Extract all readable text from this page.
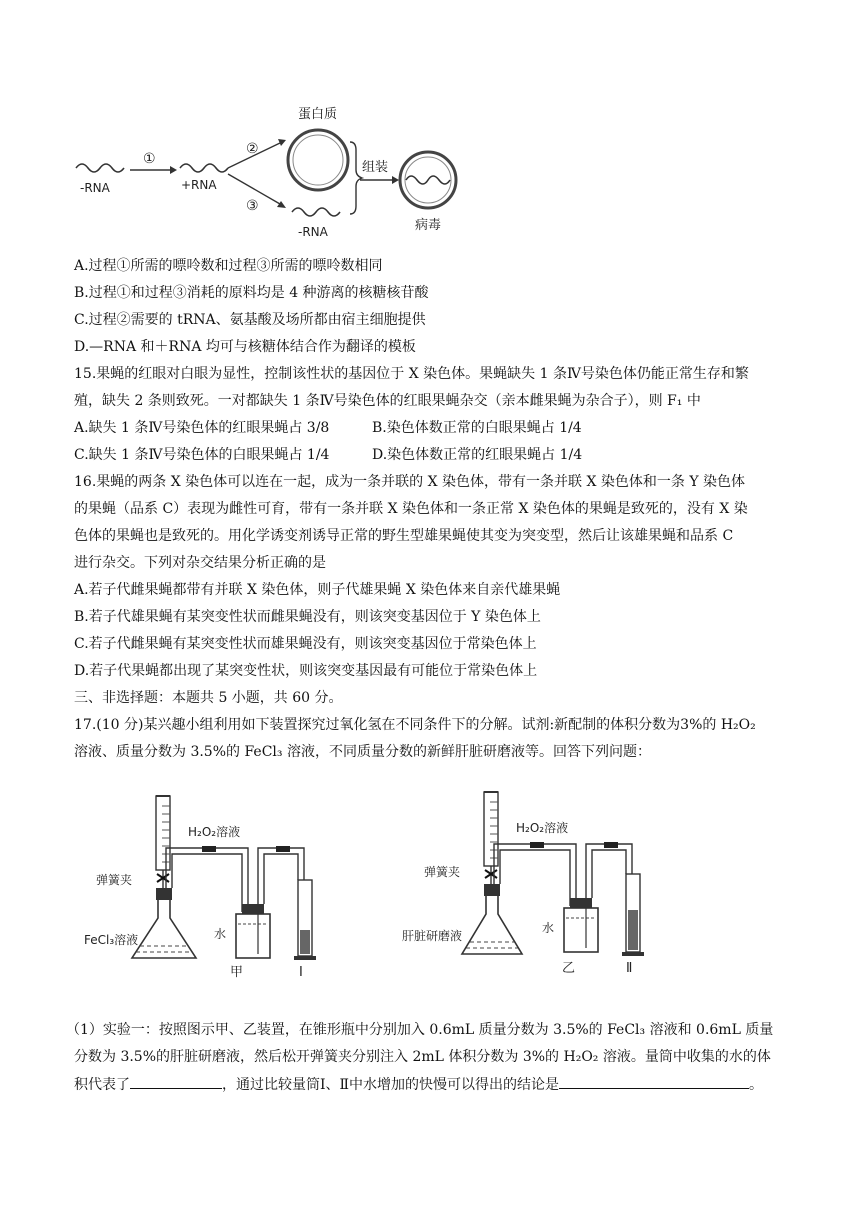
-RNA
①
+RNA
②
③
蛋白质
-RNA
组装
病毒
A.过程①所需的嘌呤数和过程③所需的嘌呤数相同
B.过程①和过程③消耗的原料均是 4 种游离的核糖核苷酸
C.过程②需要的 tRNA、氨基酸及场所都由宿主细胞提供
D.—RNA 和＋RNA 均可与核糖体结合作为翻译的模板
15.果蝇的红眼对白眼为显性，控制该性状的基因位于 X 染色体。果蝇缺失 1 条Ⅳ号染色体仍能正常生存和繁
殖，缺失 2 条则致死。一对都缺失 1 条Ⅳ号染色体的红眼果蝇杂交（亲本雌果蝇为杂合子），则 F₁ 中
A.缺失 1 条Ⅳ号染色体的红眼果蝇占 3/8	B.染色体数正常的白眼果蝇占 1/4
C.缺失 1 条Ⅳ号染色体的白眼果蝇占 1/4	D.染色体数正常的红眼果蝇占 1/4
16.果蝇的两条 X 染色体可以连在一起，成为一条并联的 X 染色体，带有一条并联 X 染色体和一条 Y 染色体
的果蝇（品系 C）表现为雌性可育，带有一条并联 X 染色体和一条正常 X 染色体的果蝇是致死的，没有 X 染
色体的果蝇也是致死的。用化学诱变剂诱导正常的野生型雄果蝇使其变为突变型，然后让该雄果蝇和品系 C
进行杂交。下列对杂交结果分析正确的是
A.若子代雌果蝇都带有并联 X 染色体，则子代雄果蝇 X 染色体来自亲代雄果蝇
B.若子代雄果蝇有某突变性状而雌果蝇没有，则该突变基因位于 Y 染色体上
C.若子代雌果蝇有某突变性状而雄果蝇没有，则该突变基因位于常染色体上
D.若子代果蝇都出现了某突变性状，则该突变基因最有可能位于常染色体上
三、非选择题：本题共 5 小题，共 60 分。
17.(10 分)某兴趣小组利用如下装置探究过氧化氢在不同条件下的分解。试剂:新配制的体积分数为3%的 H₂O₂
溶液、质量分数为 3.5%的 FeCl₃ 溶液，不同质量分数的新鲜肝脏研磨液等。回答下列问题：
H₂O₂溶液
弹簧夹
FeCl₃溶液	水
甲	Ⅰ
H₂O₂溶液
弹簧夹
肝脏研磨液
水
乙	Ⅱ
（1）实验一：按照图示甲、乙装置，在锥形瓶中分别加入 0.6mL 质量分数为 3.5%的 FeCl₃ 溶液和 0.6mL 质量
分数为 3.5%的肝脏研磨液，然后松开弹簧夹分别注入 2mL 体积分数为 3%的 H₂O₂ 溶液。量筒中收集的水的体
积代表了	，通过比较量筒Ⅰ、Ⅱ中水增加的快慢可以得出的结论是	。
